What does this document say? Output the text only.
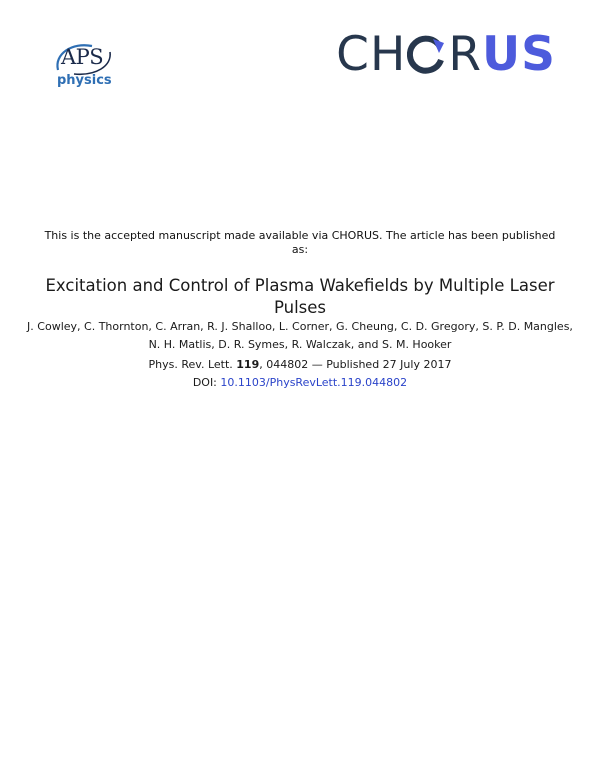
APS
physics	CH R US
This is the accepted manuscript made available via CHORUS. The article has been published as:
Excitation and Control of Plasma Wakefields by Multiple Laser Pulses
J. Cowley, C. Thornton, C. Arran, R. J. Shalloo, L. Corner, G. Cheung, C. D. Gregory, S. P. D. Mangles, N. H. Matlis, D. R. Symes, R. Walczak, and S. M. Hooker
Phys. Rev. Lett. 119, 044802 — Published 27 July 2017
DOI: 10.1103/PhysRevLett.119.044802
